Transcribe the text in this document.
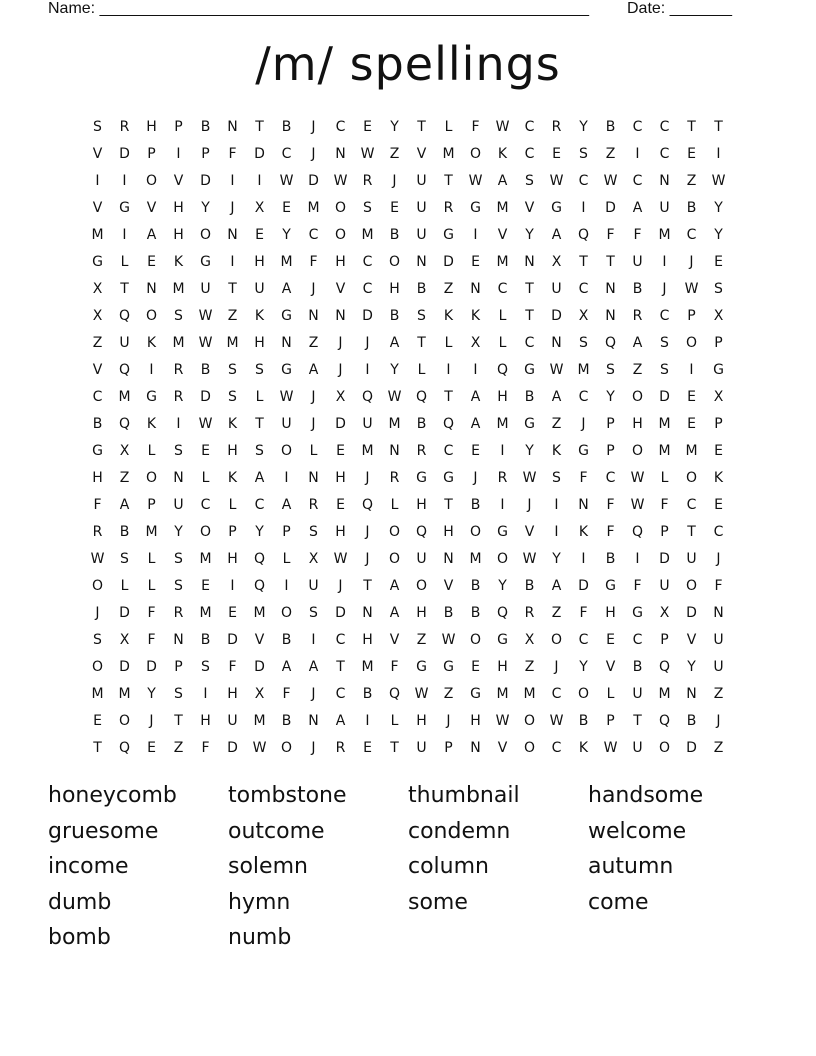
Name: _______________________________________________________ Date: _______
/m/ spellings
S	R	H	P	B	N	T	B	J	C	E	Y	T	L	F	W	C	R	Y	B	C	C	T	T
V	D	P	I	P	F	D	C	J	N	W	Z	V	M	O	K	C	E	S	Z	I	C	E	I
I	I	O	V	D	I	I	W	D	W	R	J	U	T	W	A	S	W	C	W	C	N	Z	W
V	G	V	H	Y	J	X	E	M	O	S	E	U	R	G	M	V	G	I	D	A	U	B	Y
M	I	A	H	O	N	E	Y	C	O	M	B	U	G	I	V	Y	A	Q	F	F	M	C	Y
G	L	E	K	G	I	H	M	F	H	C	O	N	D	E	M	N	X	T	T	U	I	J	E
X	T	N	M	U	T	U	A	J	V	C	H	B	Z	N	C	T	U	C	N	B	J	W	S
X	Q	O	S	W	Z	K	G	N	N	D	B	S	K	K	L	T	D	X	N	R	C	P	X
Z	U	K	M	W	M	H	N	Z	J	J	A	T	L	X	L	C	N	S	Q	A	S	O	P
V	Q	I	R	B	S	S	G	A	J	I	Y	L	I	I	Q	G	W	M	S	Z	S	I	G
C	M	G	R	D	S	L	W	J	X	Q	W	Q	T	A	H	B	A	C	Y	O	D	E	X
B	Q	K	I	W	K	T	U	J	D	U	M	B	Q	A	M	G	Z	J	P	H	M	E	P
G	X	L	S	E	H	S	O	L	E	M	N	R	C	E	I	Y	K	G	P	O	M	M	E
H	Z	O	N	L	K	A	I	N	H	J	R	G	G	J	R	W	S	F	C	W	L	O	K
F	A	P	U	C	L	C	A	R	E	Q	L	H	T	B	I	J	I	N	F	W	F	C	E
R	B	M	Y	O	P	Y	P	S	H	J	O	Q	H	O	G	V	I	K	F	Q	P	T	C
W	S	L	S	M	H	Q	L	X	W	J	O	U	N	M	O	W	Y	I	B	I	D	U	J
O	L	L	S	E	I	Q	I	U	J	T	A	O	V	B	Y	B	A	D	G	F	U	O	F
J	D	F	R	M	E	M	O	S	D	N	A	H	B	B	Q	R	Z	F	H	G	X	D	N
S	X	F	N	B	D	V	B	I	C	H	V	Z	W	O	G	X	O	C	E	C	P	V	U
O	D	D	P	S	F	D	A	A	T	M	F	G	G	E	H	Z	J	Y	V	B	Q	Y	U
M	M	Y	S	I	H	X	F	J	C	B	Q	W	Z	G	M	M	C	O	L	U	M	N	Z
E	O	J	T	H	U	M	B	N	A	I	L	H	J	H	W	O	W	B	P	T	Q	B	J
T	Q	E	Z	F	D	W	O	J	R	E	T	U	P	N	V	O	C	K	W	U	O	D	Z
honeycomb	tombstone	thumbnail	handsome
gruesome	outcome	condemn	welcome
income	solemn	column	autumn
dumb	hymn	some	come
bomb	numb
